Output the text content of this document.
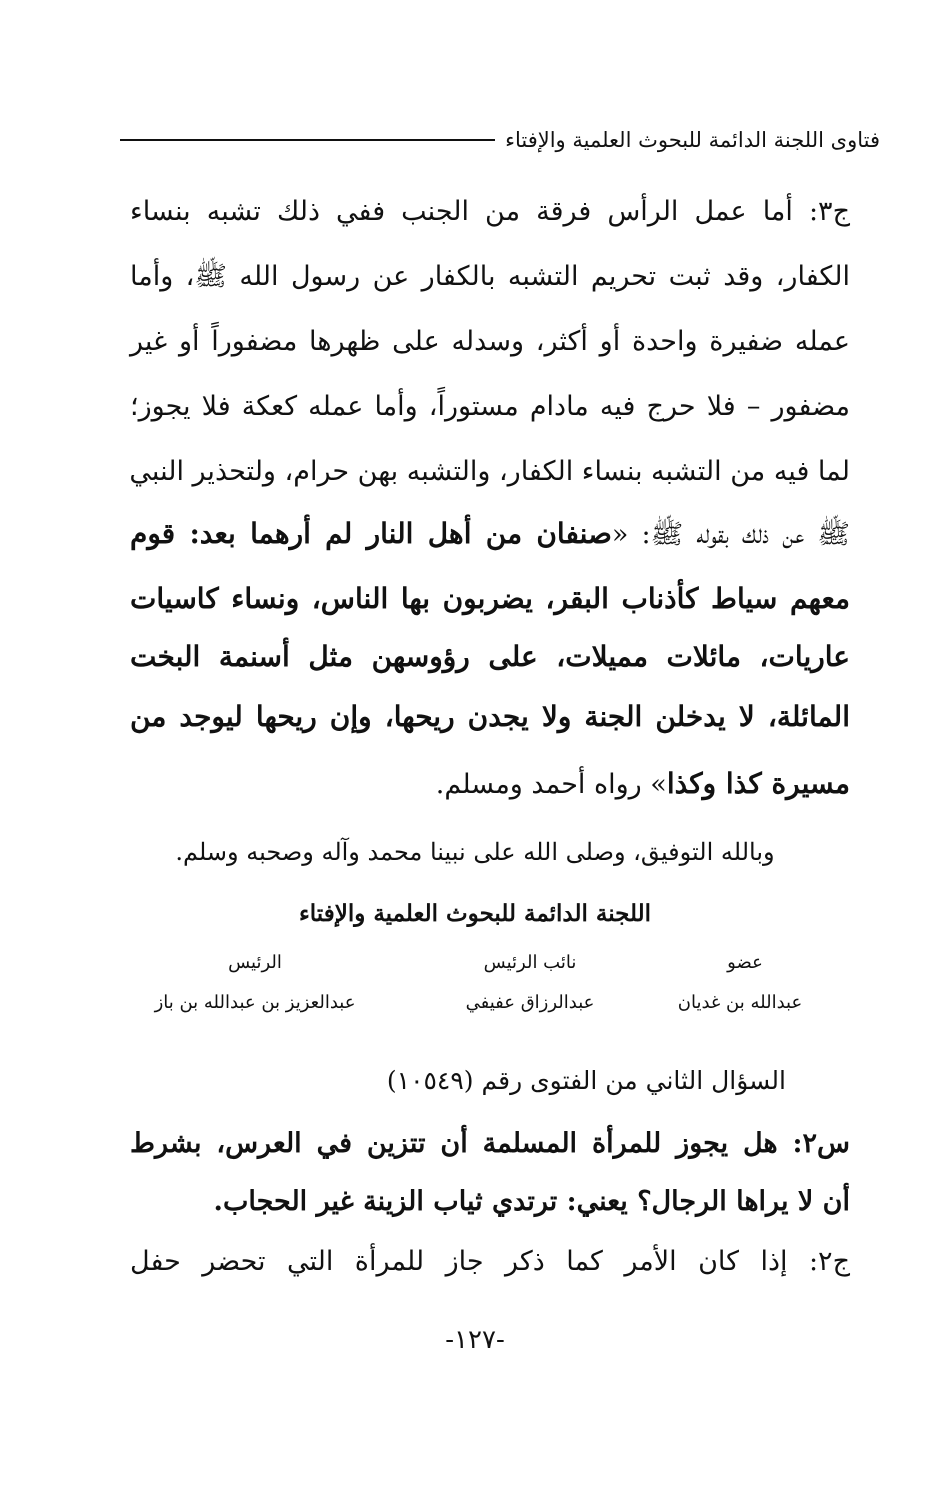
فتاوى اللجنة الدائمة للبحوث العلمية والإفتاء
ج٣: أما عمل الرأس فرقة من الجنب ففي ذلك تشبه بنساء
الكفار، وقد ثبت تحريم التشبه بالكفار عن رسول الله ﷺ، وأما
عمله ضفيرة واحدة أو أكثر، وسدله على ظهرها مضفوراً أو غير
مضفور – فلا حرج فيه مادام مستوراً، وأما عمله كعكة فلا يجوز؛
لما فيه من التشبه بنساء الكفار، والتشبه بهن حرام، ولتحذير النبي
ﷺ عن ذلك بقوله ﷺ: «صنفان من أهل النار لم أرهما بعد: قوم
معهم سياط كأذناب البقر، يضربون بها الناس، ونساء كاسيات
عاريات، مائلات مميلات، على رؤوسهن مثل أسنمة البخت
المائلة، لا يدخلن الجنة ولا يجدن ريحها، وإن ريحها ليوجد من
مسيرة كذا وكذا» رواه أحمد ومسلم.
وبالله التوفيق، وصلى الله على نبينا محمد وآله وصحبه وسلم.
اللجنة الدائمة للبحوث العلمية والإفتاء
عضو
عبدالله بن غديان
نائب الرئيس
عبدالرزاق عفيفي
الرئيس
عبدالعزيز بن عبدالله بن باز
السؤال الثاني من الفتوى رقم (١٠٥٤٩)
س٢: هل يجوز للمرأة المسلمة أن تتزين في العرس، بشرط
أن لا يراها الرجال؟ يعني: ترتدي ثياب الزينة غير الحجاب.
ج٢: إذا كان الأمر كما ذكر جاز للمرأة التي تحضر حفل
-١٢٧-
